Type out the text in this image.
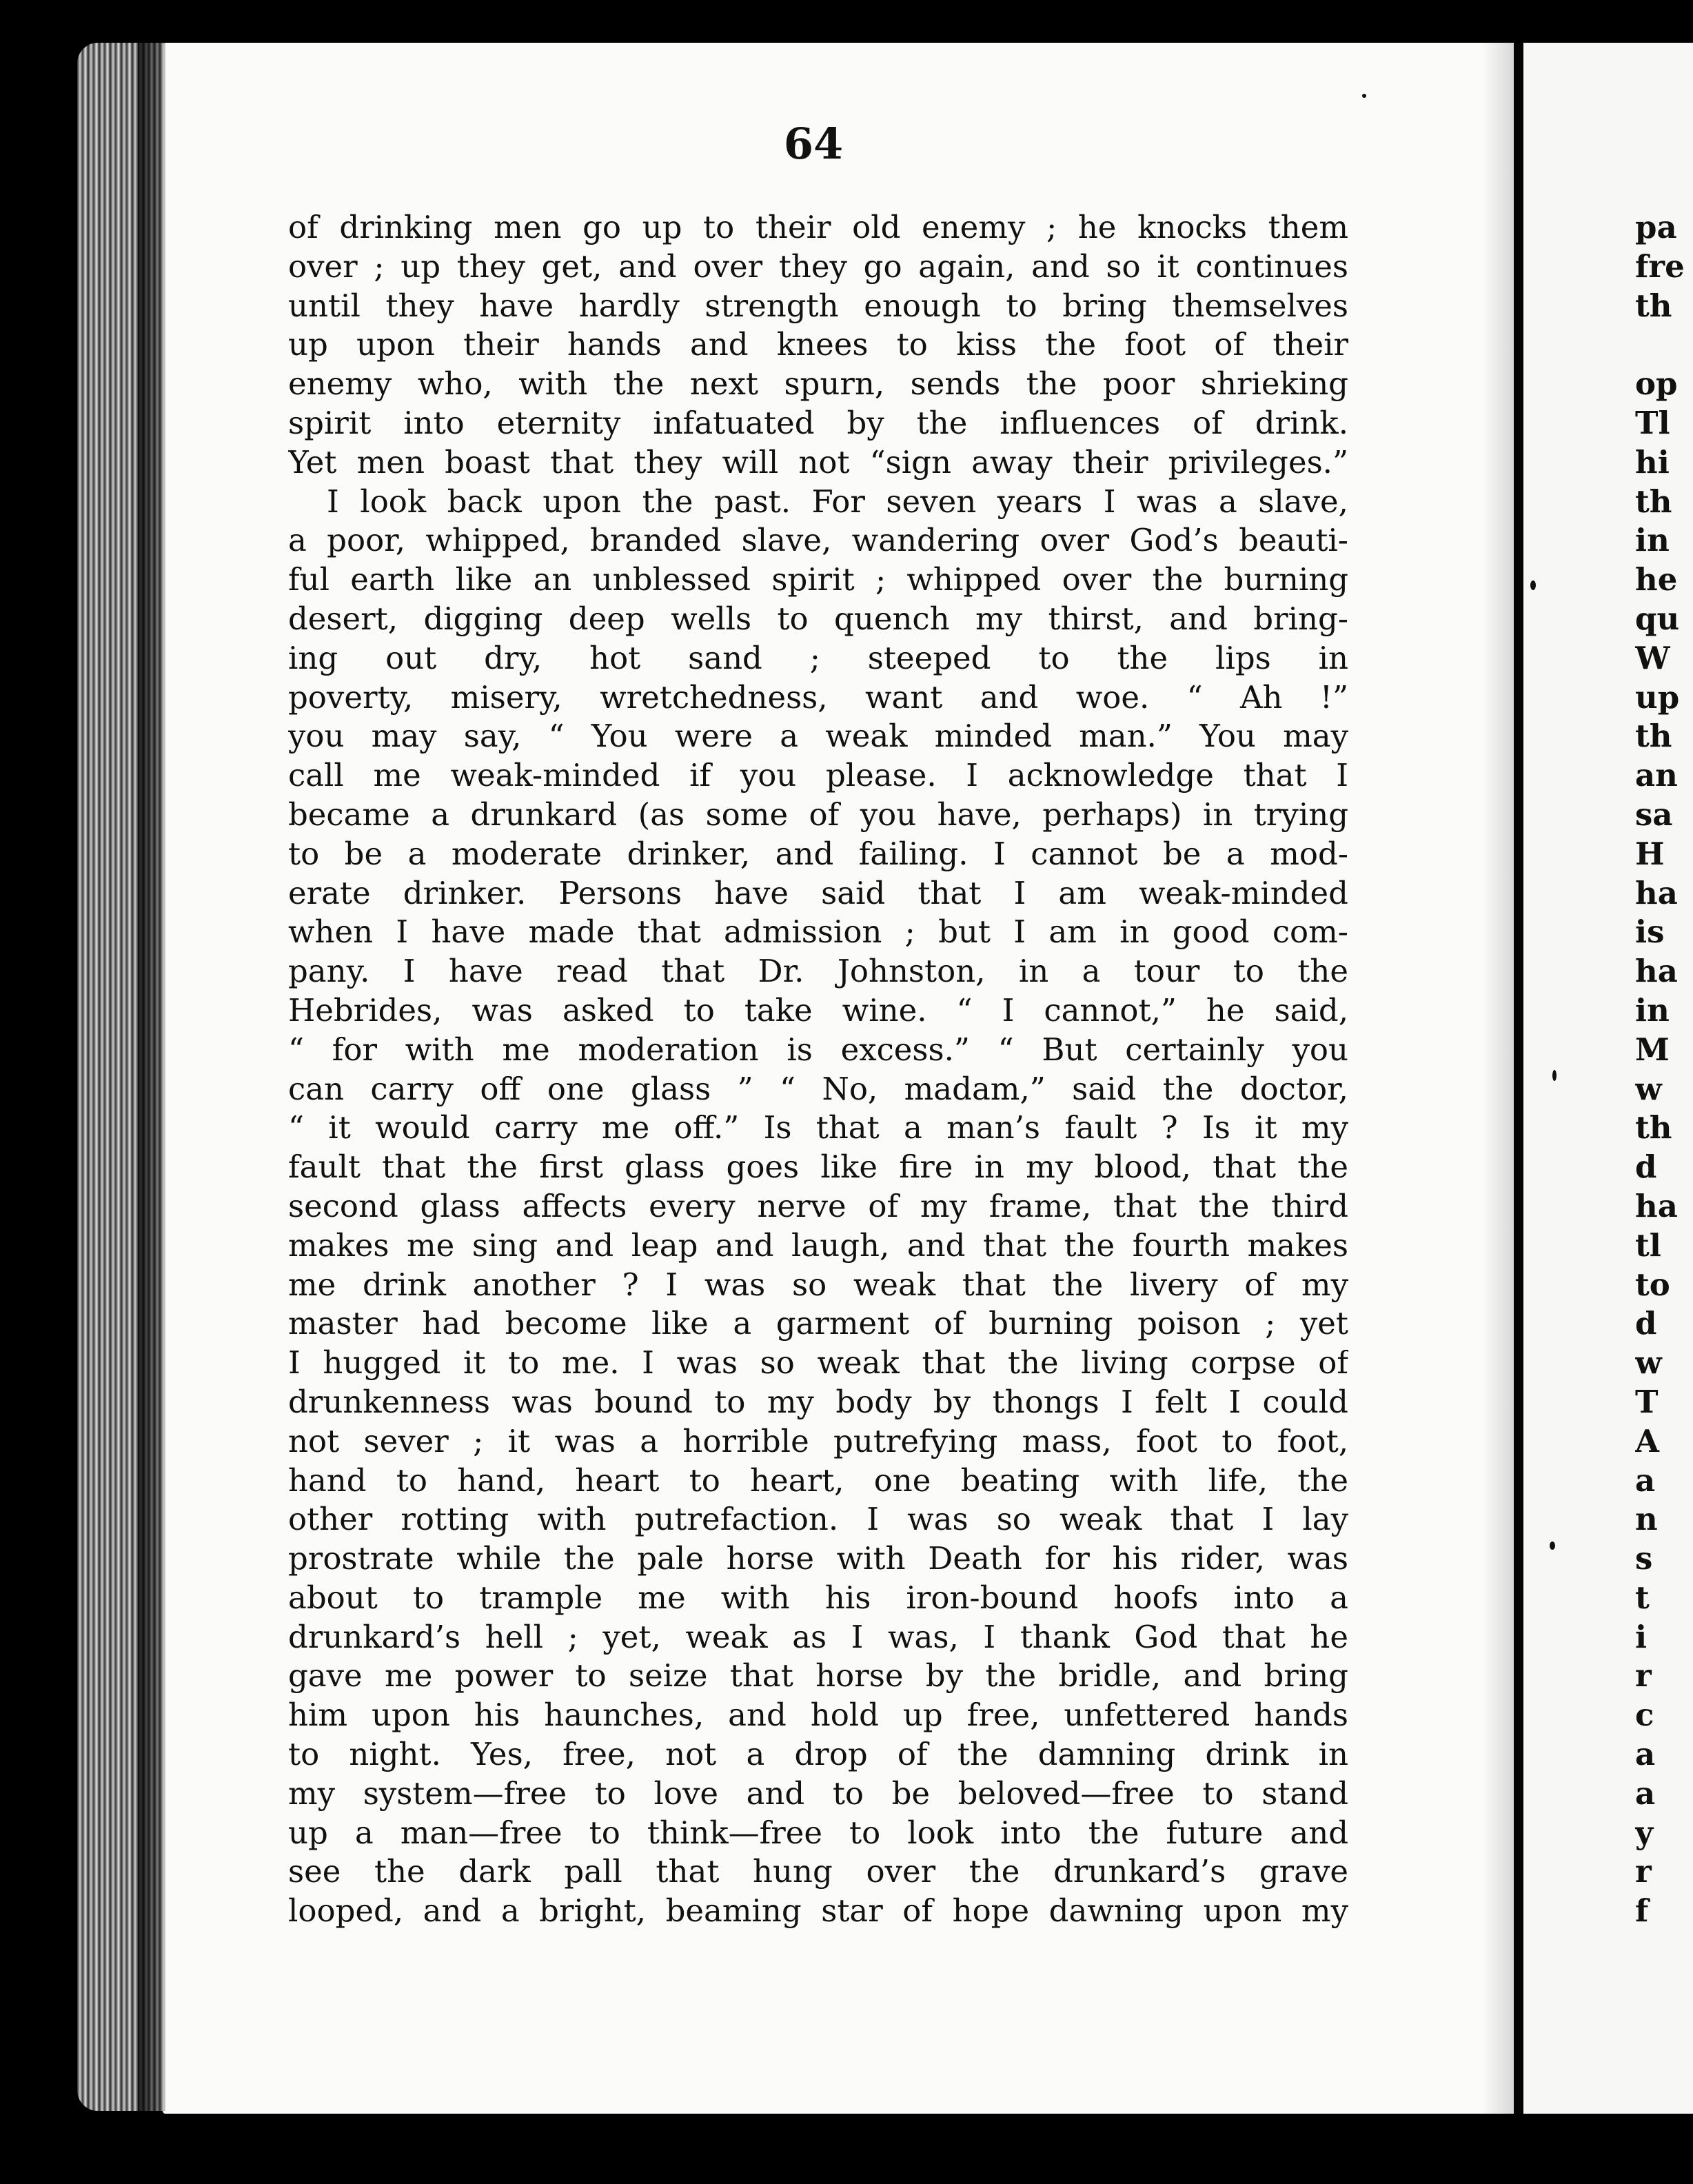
64
of drinking men go up to their old enemy ; he knocks them
over ; up they get, and over they go again, and so it continues
until they have hardly strength enough to bring themselves
up upon their hands and knees to kiss the foot of their
enemy who, with the next spurn, sends the poor shrieking
spirit into eternity infatuated by the influences of drink.
Yet men boast that they will not “sign away their privileges.”
I look back upon the past. For seven years I was a slave,
a poor, whipped, branded slave, wandering over God’s beauti-
ful earth like an unblessed spirit ; whipped over the burning
desert, digging deep wells to quench my thirst, and bring-
ing out dry, hot sand ; steeped to the lips in
poverty, misery, wretchedness, want and woe. “ Ah !”
you may say, “ You were a weak minded man.” You may
call me weak-minded if you please. I acknowledge that I
became a drunkard (as some of you have, perhaps) in trying
to be a moderate drinker, and failing. I cannot be a mod-
erate drinker. Persons have said that I am weak-minded
when I have made that admission ; but I am in good com-
pany. I have read that Dr. Johnston, in a tour to the
Hebrides, was asked to take wine. “ I cannot,” he said,
“ for with me moderation is excess.” “ But certainly you
can carry off one glass ” “ No, madam,” said the doctor,
“ it would carry me off.” Is that a man’s fault ? Is it my
fault that the first glass goes like fire in my blood, that the
second glass affects every nerve of my frame, that the third
makes me sing and leap and laugh, and that the fourth makes
me drink another ? I was so weak that the livery of my
master had become like a garment of burning poison ; yet
I hugged it to me. I was so weak that the living corpse of
drunkenness was bound to my body by thongs I felt I could
not sever ; it was a horrible putrefying mass, foot to foot,
hand to hand, heart to heart, one beating with life, the
other rotting with putrefaction. I was so weak that I lay
prostrate while the pale horse with Death for his rider, was
about to trample me with his iron-bound hoofs into a
drunkard’s hell ; yet, weak as I was, I thank God that he
gave me power to seize that horse by the bridle, and bring
him upon his haunches, and hold up free, unfettered hands
to night. Yes, free, not a drop of the damning drink in
my system—free to love and to be beloved—free to stand
up a man—free to think—free to look into the future and
see the dark pall that hung over the drunkard’s grave
looped, and a bright, beaming star of hope dawning upon my
pa
fre
th
op
Tl
hi
th
in
he
qu
W
up
th
an
sa
H
ha
is
ha
in
M
w
th
d
ha
tl
to
d
w
T
A
a
n
s
t
i
r
c
a
a
y
r
f
